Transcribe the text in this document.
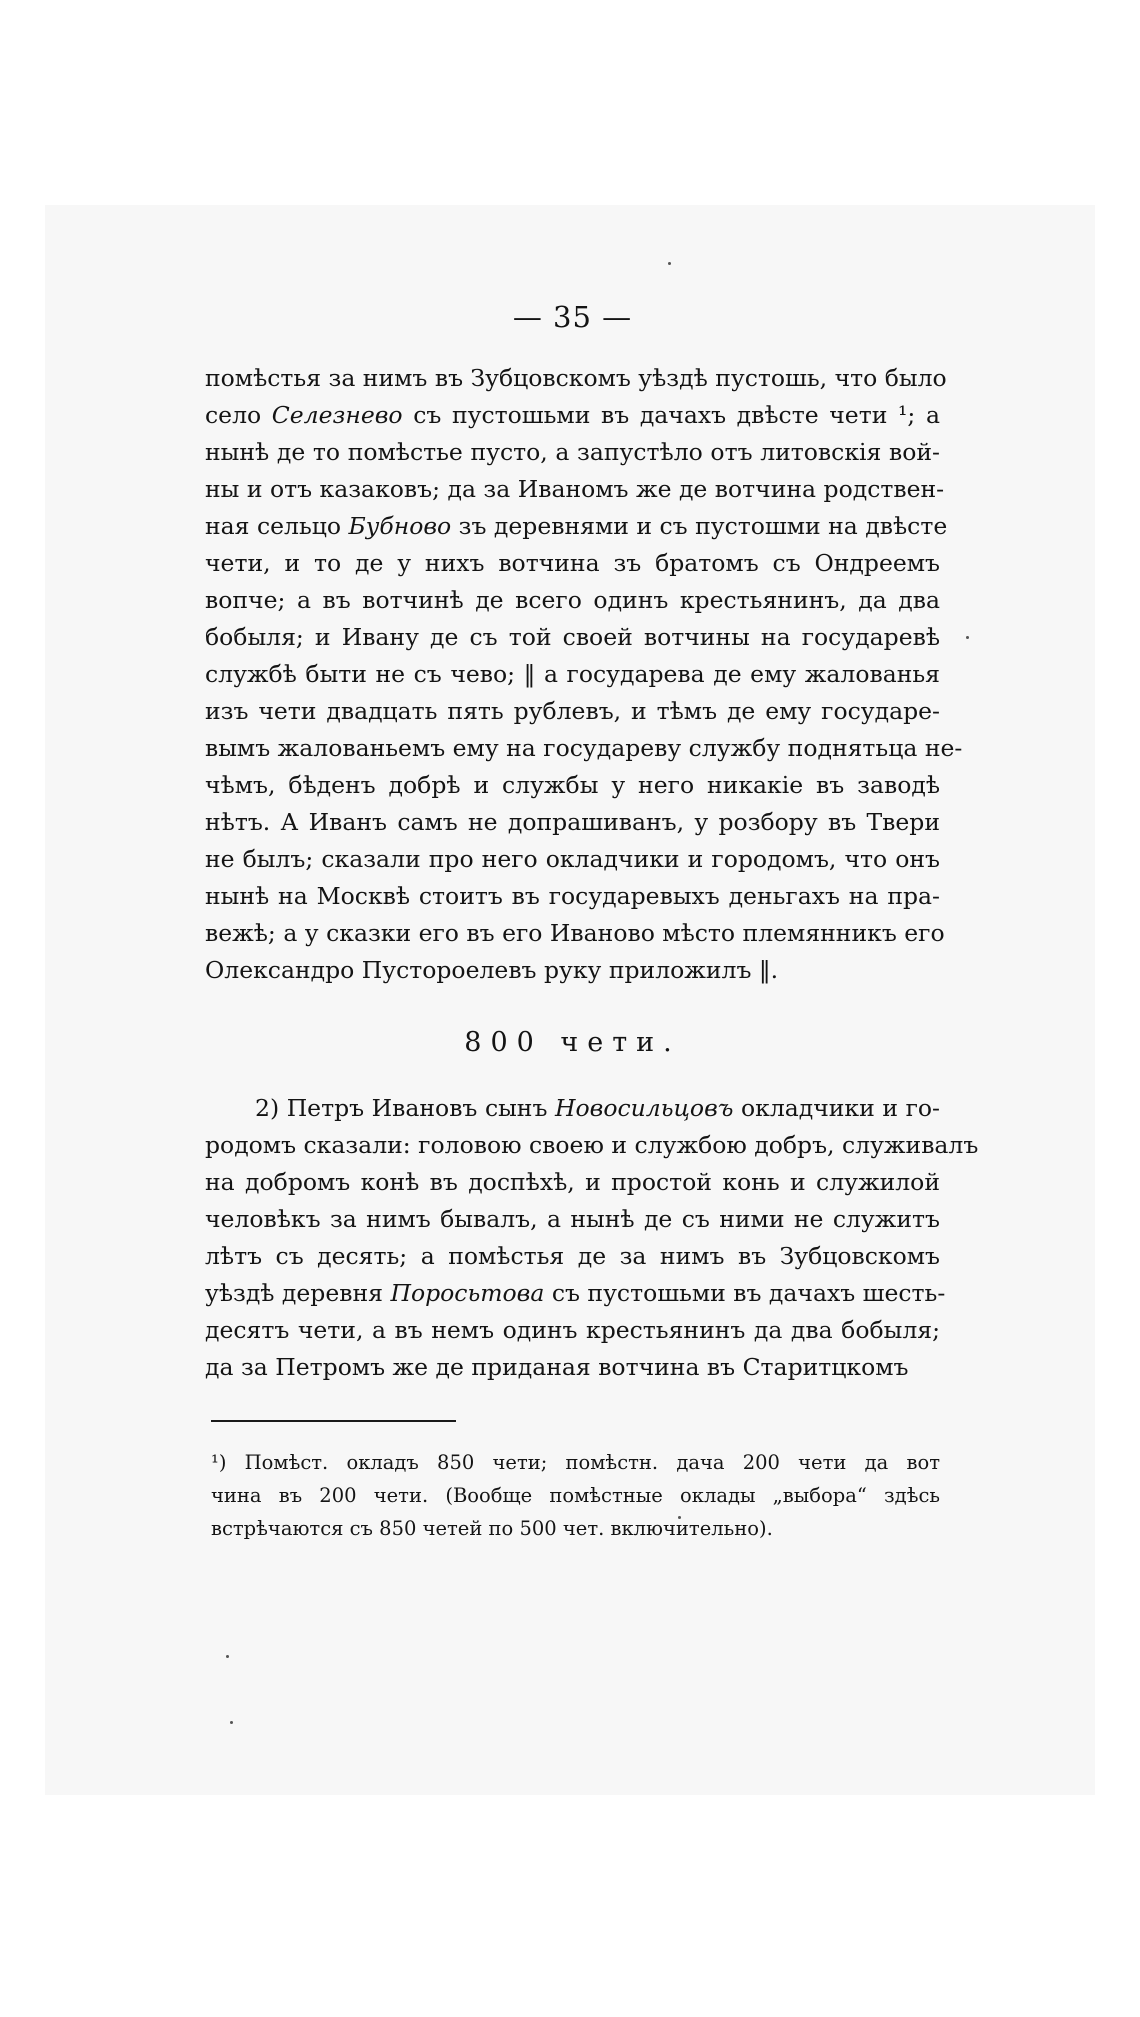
— 35 —
помѣстья за нимъ въ Зубцовскомъ уѣздѣ пустошь, что было
село Селезнево съ пустошьми въ дачахъ двѣсте чети ¹; а
нынѣ де то помѣстье пусто, а запустѣло отъ литовскія вой-
ны и отъ казаковъ; да за Иваномъ же де вотчина родствен-
ная сельцо Бубново зъ деревнями и съ пустошми на двѣсте
чети, и то де у нихъ вотчина зъ братомъ съ Ондреемъ
вопче; а въ вотчинѣ де всего одинъ крестьянинъ, да два
бобыля; и Ивану де съ той своей вотчины на государевѣ
службѣ быти не съ чево; ‖ а государева де ему жалованья
изъ чети двадцать пять рублевъ, и тѣмъ де ему государе-
вымъ жалованьемъ ему на государеву службу поднятьца не-
чѣмъ, бѣденъ добрѣ и службы у него никакіе въ заводѣ
нѣтъ. А Иванъ самъ не допрашиванъ, у розбору въ Твери
не былъ; сказали про него окладчики и городомъ, что онъ
нынѣ на Москвѣ стоитъ въ государевыхъ деньгахъ на пра-
вежѣ; а у сказки его въ его Иваново мѣсто племянникъ его
Олександро Пустороелевъ руку приложилъ ‖.
800 чети.
2) Петръ Ивановъ сынъ Новосильцовъ окладчики и го-
родомъ сказали: головою своею и службою добръ, служивалъ
на добромъ конѣ въ доспѣхѣ, и простой конь и служилой
человѣкъ за нимъ бывалъ, а нынѣ де съ ними не служитъ
лѣтъ съ десять; а помѣстья де за нимъ въ Зубцовскомъ
уѣздѣ деревня Поросьтова съ пустошьми въ дачахъ шесть-
десятъ чети, а въ немъ одинъ крестьянинъ да два бобыля;
да за Петромъ же де приданая вотчина въ Старитцкомъ
¹) Помѣст. окладъ 850 чети; помѣстн. дача 200 чети да вот
чина въ 200 чети. (Вообще помѣстные оклады „выбора“ здѣсь
встрѣчаются съ 850 четей по 500 чет. включительно).
